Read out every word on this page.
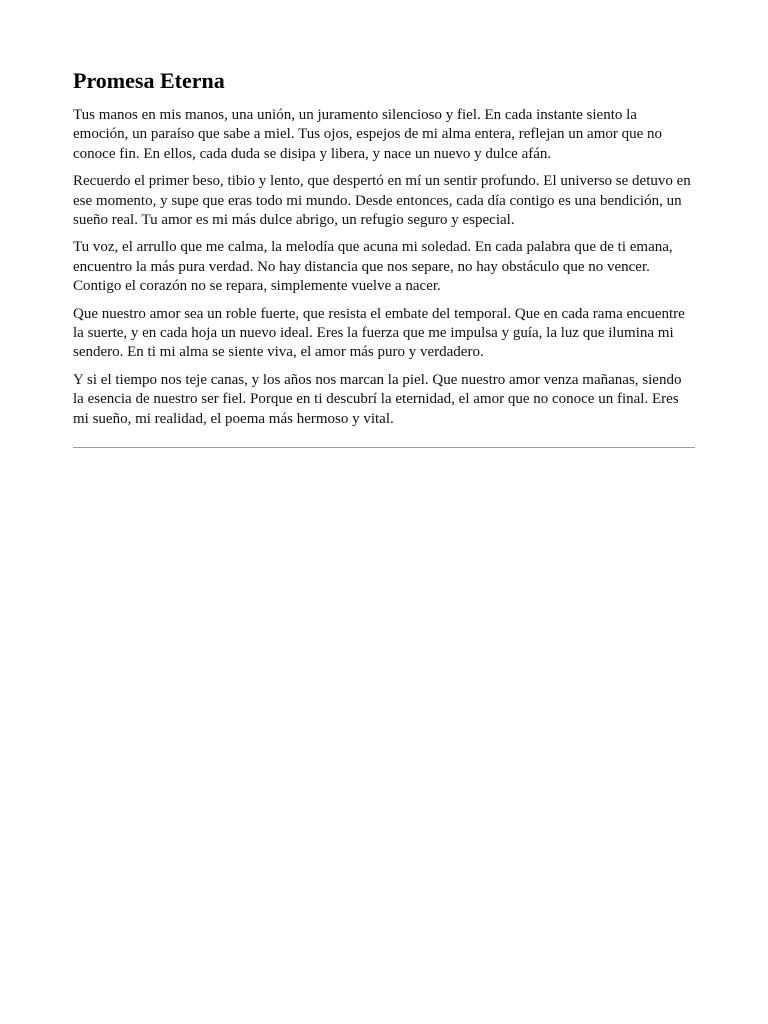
Promesa Eterna

Tus manos en mis manos, una unión, un juramento silencioso y fiel. En cada instante siento la emoción, un paraíso que sabe a miel. Tus ojos, espejos de mi alma entera, reflejan un amor que no conoce fin. En ellos, cada duda se disipa y libera, y nace un nuevo y dulce afán.

Recuerdo el primer beso, tibio y lento, que despertó en mí un sentir profundo. El universo se detuvo en ese momento, y supe que eras todo mi mundo. Desde entonces, cada día contigo es una bendición, un sueño real. Tu amor es mi más dulce abrigo, un refugio seguro y especial.

Tu voz, el arrullo que me calma, la melodía que acuna mi soledad. En cada palabra que de ti emana, encuentro la más pura verdad. No hay distancia que nos separe, no hay obstáculo que no vencer. Contigo el corazón no se repara, simplemente vuelve a nacer.

Que nuestro amor sea un roble fuerte, que resista el embate del temporal. Que en cada rama encuentre la suerte, y en cada hoja un nuevo ideal. Eres la fuerza que me impulsa y guía, la luz que ilumina mi sendero. En ti mi alma se siente viva, el amor más puro y verdadero.

Y si el tiempo nos teje canas, y los años nos marcan la piel. Que nuestro amor venza mañanas, siendo la esencia de nuestro ser fiel. Porque en ti descubrí la eternidad, el amor que no conoce un final. Eres mi sueño, mi realidad, el poema más hermoso y vital.
